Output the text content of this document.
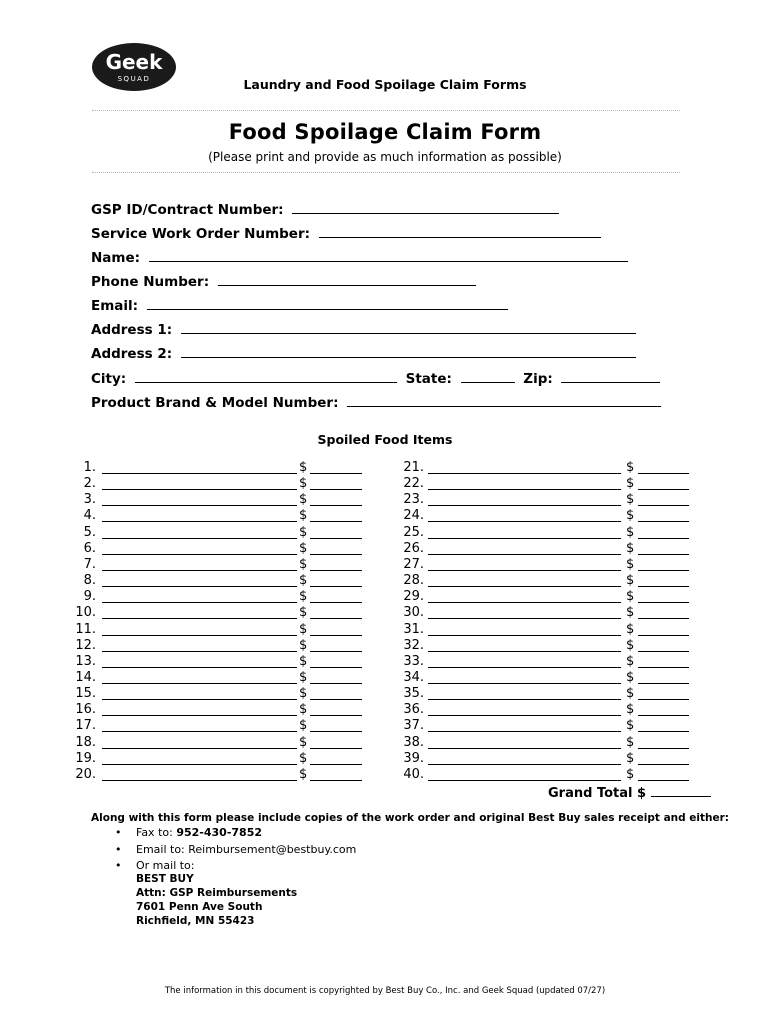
Geek
SQUAD	Laundry and Food Spoilage Claim Forms
Food Spoilage Claim Form
(Please print and provide as much information as possible)
GSP ID/Contract Number:
Service Work Order Number:
Name:
Phone Number:
Email:
Address 1:
Address 2:
City:	State:	Zip:
Product Brand & Model Number:
Spoiled Food Items
1.	$
2.	$
3.	$
4.	$
5.	$
6.	$
7.	$
8.	$
9.	$
10.	$
11.	$
12.	$
13.	$
14.	$
15.	$
16.	$
17.	$
18.	$
19.	$
20.	$
21.	$
22.	$
23.	$
24.	$
25.	$
26.	$
27.	$
28.	$
29.	$
30.	$
31.	$
32.	$
33.	$
34.	$
35.	$
36.	$
37.	$
38.	$
39.	$
40.	$
Grand Total $
Along with this form please include copies of the work order and original Best Buy sales receipt and either:
• Fax to: 952-430-7852
• Email to: Reimbursement@bestbuy.com
• Or mail to:
BEST BUY
Attn: GSP Reimbursements
7601 Penn Ave South
Richfield, MN 55423
The information in this document is copyrighted by Best Buy Co., Inc. and Geek Squad (updated 07/27)
